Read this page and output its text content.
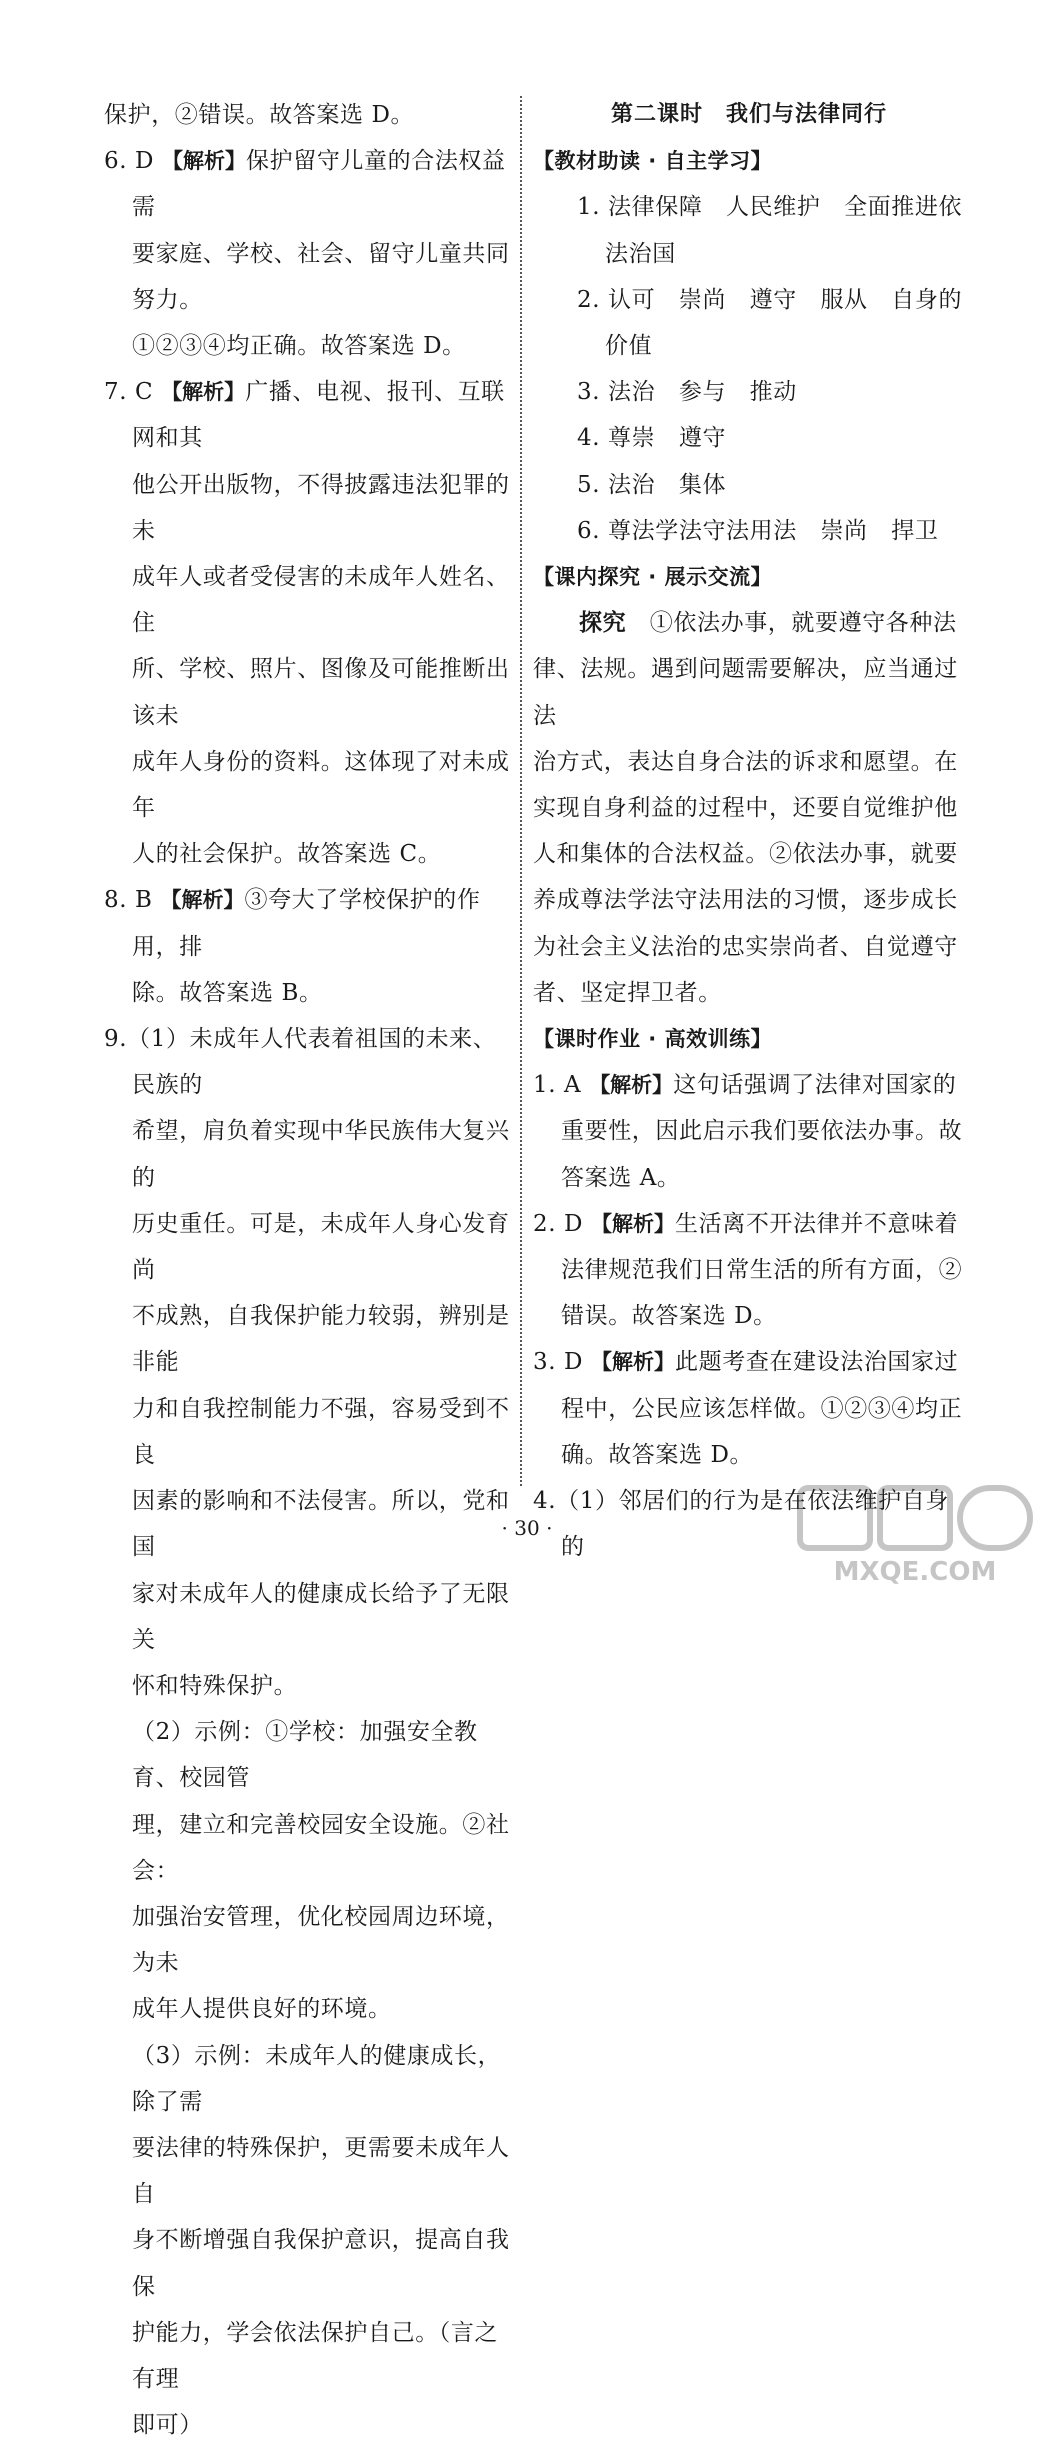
保护，②错误。故答案选 D。

6. D 【解析】保护留守儿童的合法权益需

要家庭、学校、社会、留守儿童共同努力。

①②③④均正确。故答案选 D。

7. C 【解析】广播、电视、报刊、互联网和其

他公开出版物，不得披露违法犯罪的未

成年人或者受侵害的未成年人姓名、住

所、学校、照片、图像及可能推断出该未

成年人身份的资料。这体现了对未成年

人的社会保护。故答案选 C。

8. B 【解析】③夸大了学校保护的作用，排

除。故答案选 B。

9.（1）未成年人代表着祖国的未来、民族的

希望，肩负着实现中华民族伟大复兴的

历史重任。可是，未成年人身心发育尚

不成熟，自我保护能力较弱，辨别是非能

力和自我控制能力不强，容易受到不良

因素的影响和不法侵害。所以，党和国

家对未成年人的健康成长给予了无限关

怀和特殊保护。

（2）示例：①学校：加强安全教育、校园管

理，建立和完善校园安全设施。②社会：

加强治安管理，优化校园周边环境，为未

成年人提供良好的环境。

（3）示例：未成年人的健康成长，除了需

要法律的特殊保护，更需要未成年人自

身不断增强自我保护意识，提高自我保

护能力，学会依法保护自己。（言之有理

即可）

第二课时　我们与法律同行

【教材助读 · 自主学习】

1. 法律保障　人民维护　全面推进依

法治国

2. 认可　崇尚　遵守　服从　自身的

价值

3. 法治　参与　推动

4. 尊崇　遵守

5. 法治　集体

6. 尊法学法守法用法　崇尚　捍卫

【课内探究 · 展示交流】

探究　①依法办事，就要遵守各种法

律、法规。遇到问题需要解决，应当通过法

治方式，表达自身合法的诉求和愿望。在

实现自身利益的过程中，还要自觉维护他

人和集体的合法权益。②依法办事，就要

养成尊法学法守法用法的习惯，逐步成长

为社会主义法治的忠实崇尚者、自觉遵守

者、坚定捍卫者。

【课时作业 · 高效训练】

1. A 【解析】这句话强调了法律对国家的

重要性，因此启示我们要依法办事。故

答案选 A。

2. D 【解析】生活离不开法律并不意味着

法律规范我们日常生活的所有方面，②

错误。故答案选 D。

3. D 【解析】此题考查在建设法治国家过

程中，公民应该怎样做。①②③④均正

确。故答案选 D。

4.（1）邻居们的行为是在依法维护自身的

· 30 ·
MXQE.COM
